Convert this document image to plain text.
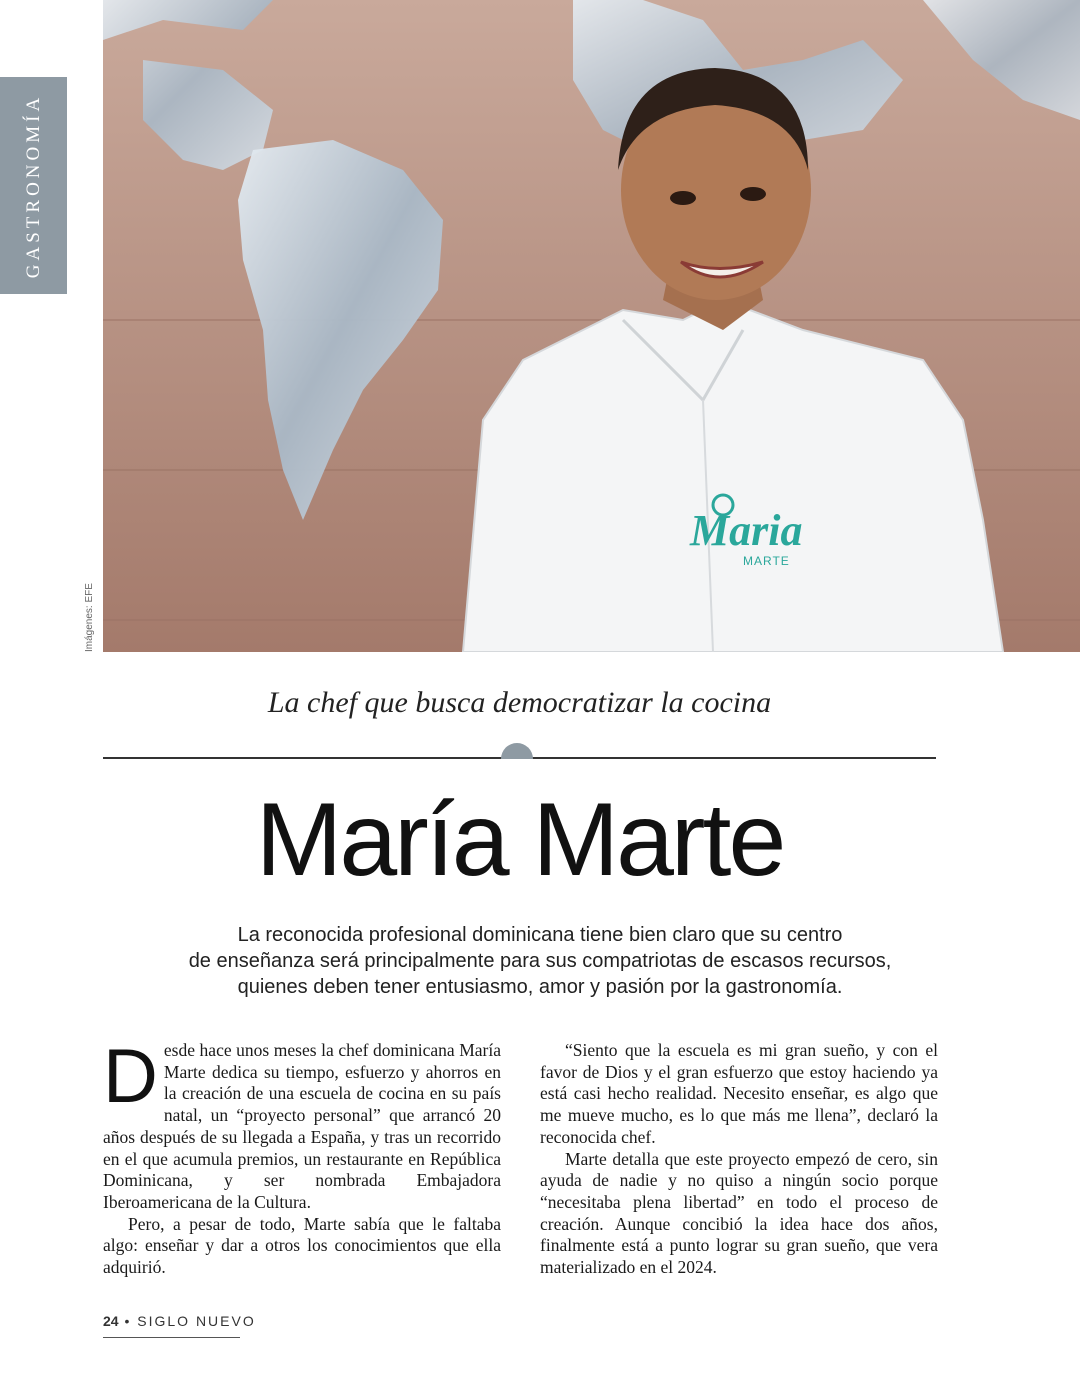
GASTRONOMÍA
Maria
MARTE
Imágenes: EFE
La chef que busca democratizar la cocina
María Marte
La reconocida profesional dominicana tiene bien claro que su centro
de enseñanza será principalmente para sus compatriotas de escasos recursos,
quienes deben tener entusiasmo, amor y pasión por la gastronomía.

Desde hace unos meses la chef dominicana María Marte dedica su tiempo, esfuerzo y ahorros en la creación de una escuela de cocina en su país natal, un “proyecto personal” que arrancó 20 años después de su llegada a España, y tras un recorrido en el que acumula premios, un restaurante en República Dominicana, y ser nombrada Embajadora Iberoamericana de la Cultura.

Pero, a pesar de todo, Marte sabía que le faltaba algo: enseñar y dar a otros los conocimientos que ella adquirió.

“Siento que la escuela es mi gran sueño, y con el favor de Dios y el gran esfuerzo que estoy haciendo ya está casi hecho realidad. Necesito enseñar, es algo que me mueve mucho, es lo que más me llena”, declaró la reconocida chef.

Marte detalla que este proyecto empezó de cero, sin ayuda de nadie y no quiso a ningún socio porque “necesitaba plena libertad” en todo el proceso de creación. Aunque concibió la idea hace dos años, finalmente está a punto lograr su gran sueño, que vera materializado en el 2024.

24 • SIGLO NUEVO
